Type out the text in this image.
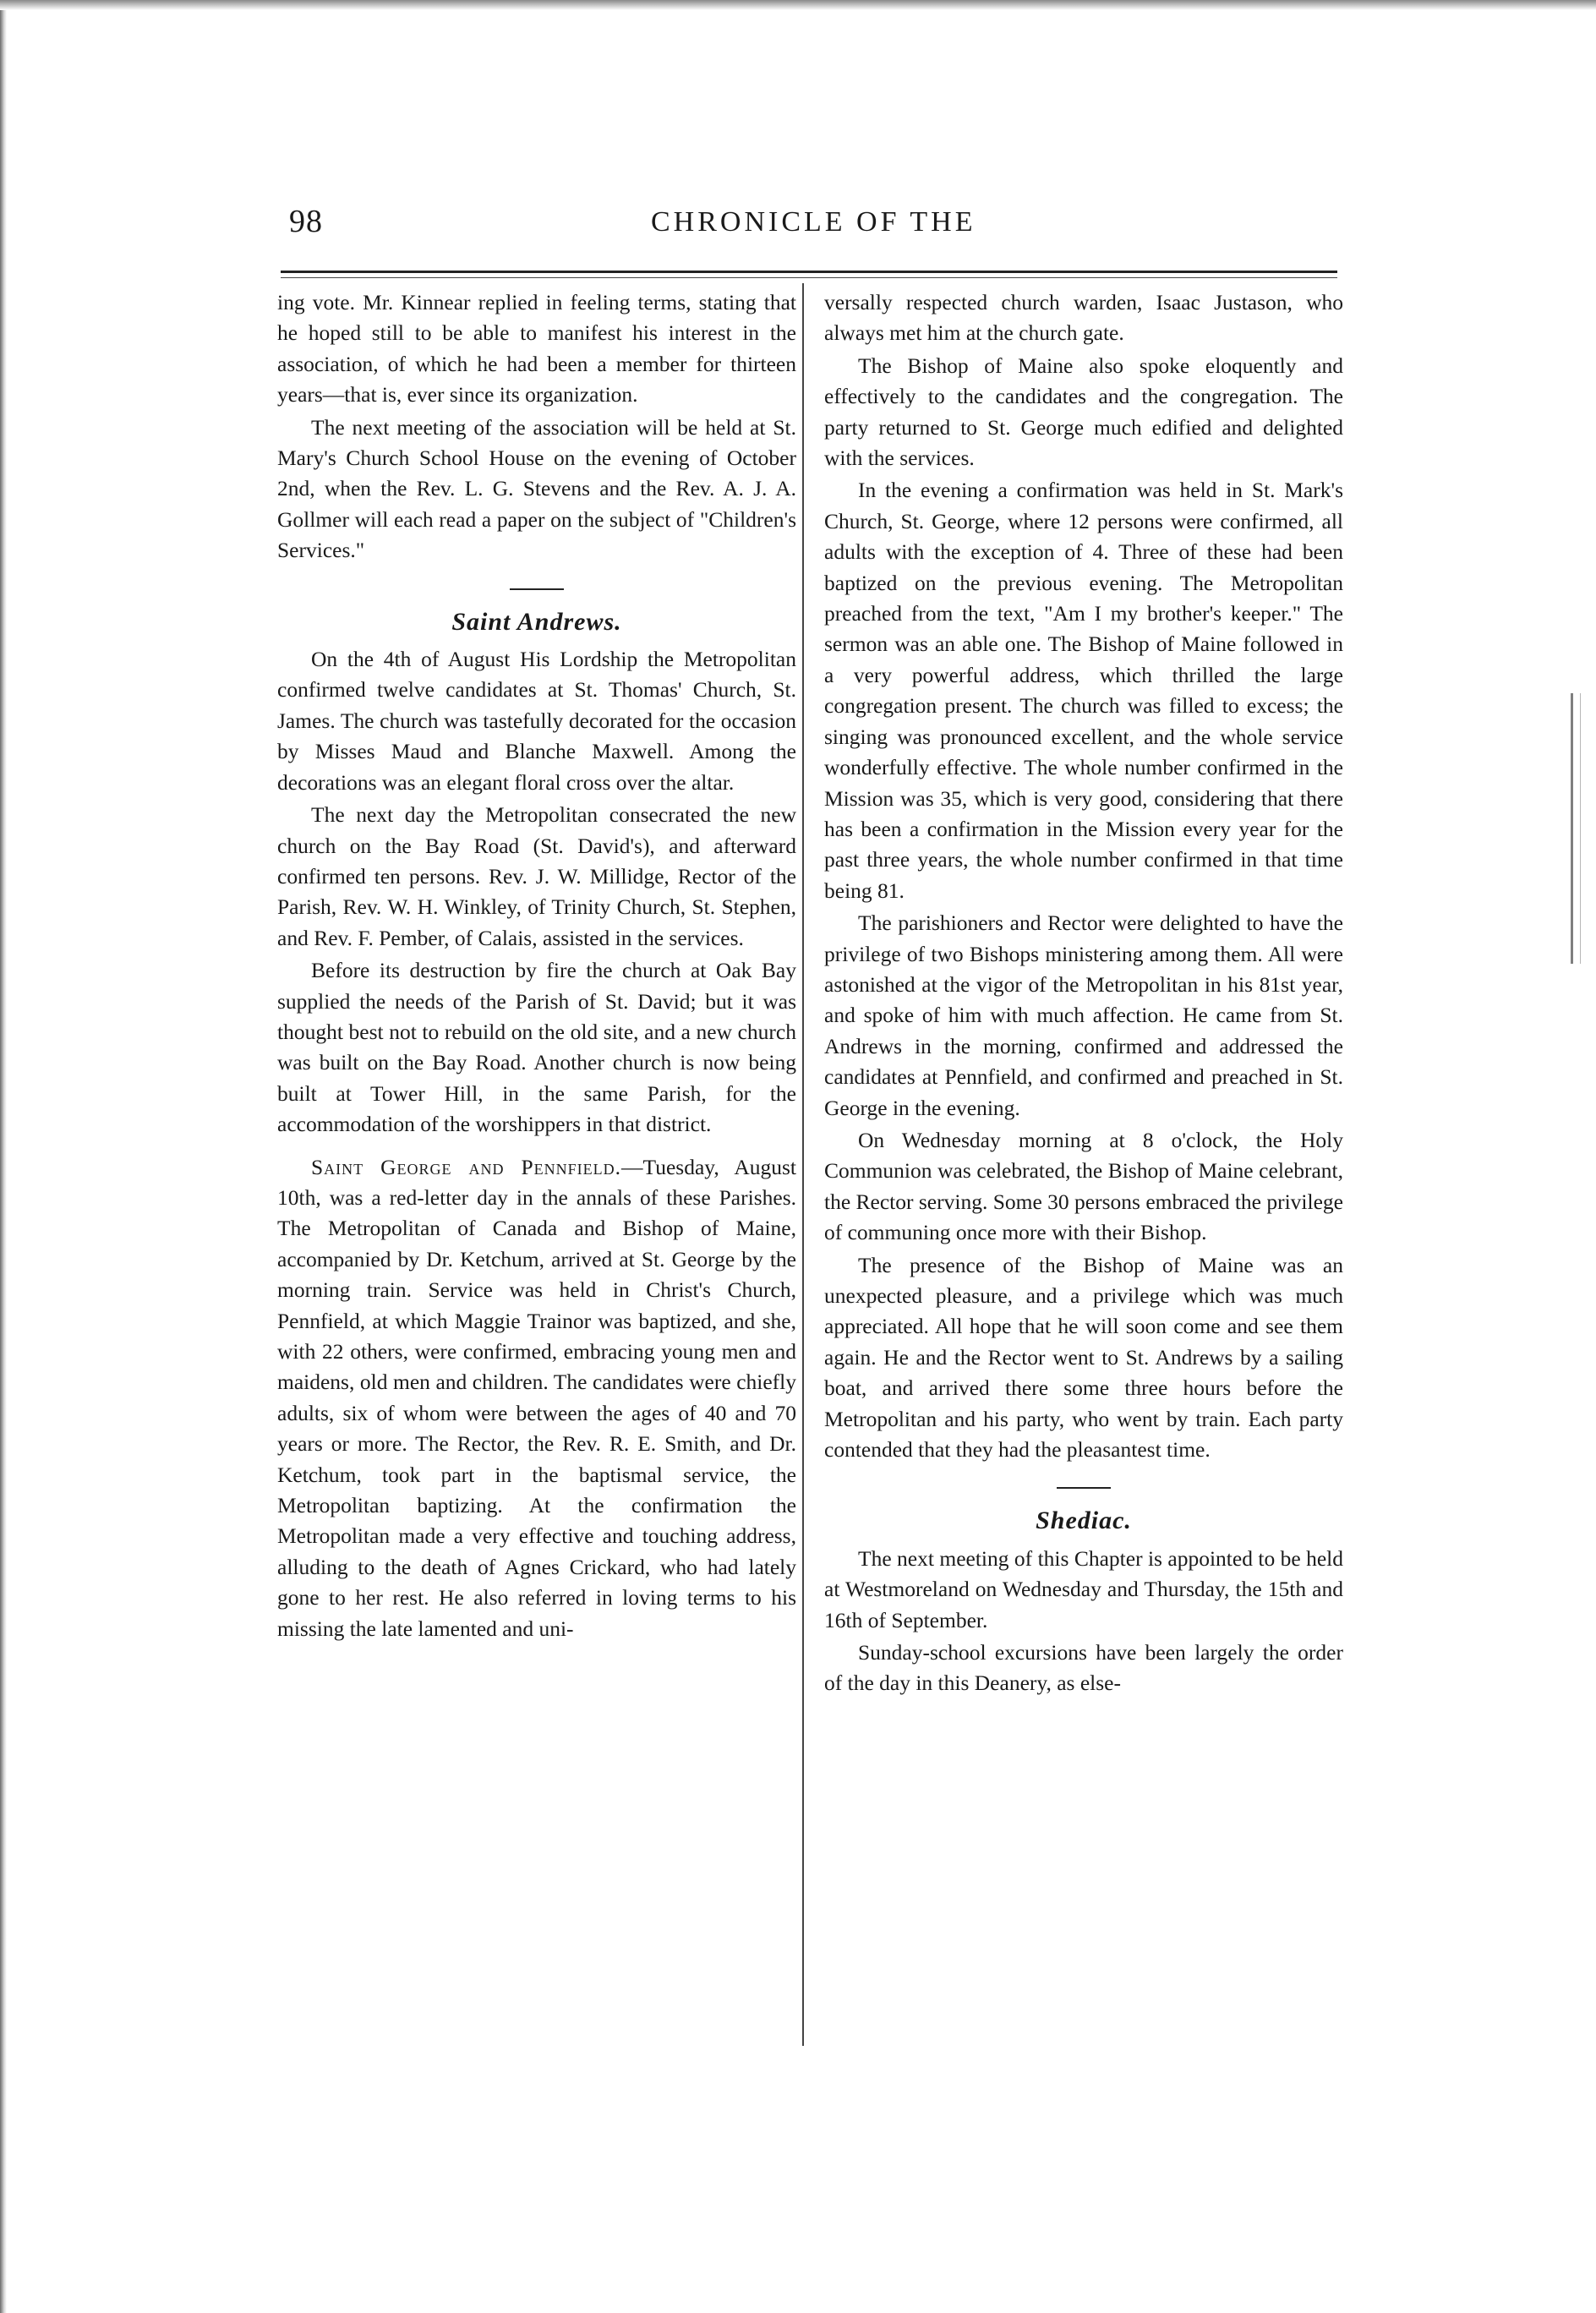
98	CHRONICLE OF THE

ing vote. Mr. Kinnear replied in feeling terms, stating that he hoped still to be able to manifest his interest in the association, of which he had been a member for thirteen years—that is, ever since its organization.

The next meeting of the association will be held at St. Mary's Church School House on the evening of October 2nd, when the Rev. L. G. Stevens and the Rev. A. J. A. Gollmer will each read a paper on the subject of "Children's Services."

Saint Andrews.

On the 4th of August His Lordship the Metropolitan confirmed twelve candidates at St. Thomas' Church, St. James. The church was tastefully decorated for the occasion by Misses Maud and Blanche Maxwell. Among the decorations was an elegant floral cross over the altar.

The next day the Metropolitan consecrated the new church on the Bay Road (St. David's), and afterward confirmed ten persons. Rev. J. W. Millidge, Rector of the Parish, Rev. W. H. Winkley, of Trinity Church, St. Stephen, and Rev. F. Pember, of Calais, assisted in the services.

Before its destruction by fire the church at Oak Bay supplied the needs of the Parish of St. David; but it was thought best not to rebuild on the old site, and a new church was built on the Bay Road. Another church is now being built at Tower Hill, in the same Parish, for the accommodation of the worshippers in that district.

Saint George and Pennfield.—Tuesday, August 10th, was a red-letter day in the annals of these Parishes. The Metropolitan of Canada and Bishop of Maine, accompanied by Dr. Ketchum, arrived at St. George by the morning train. Service was held in Christ's Church, Pennfield, at which Maggie Trainor was baptized, and she, with 22 others, were confirmed, embracing young men and maidens, old men and children. The candidates were chiefly adults, six of whom were between the ages of 40 and 70 years or more. The Rector, the Rev. R. E. Smith, and Dr. Ketchum, took part in the baptismal service, the Metropolitan baptizing. At the confirmation the Metropolitan made a very effective and touching address, alluding to the death of Agnes Crickard, who had lately gone to her rest. He also referred in loving terms to his missing the late lamented and uni-

versally respected church warden, Isaac Justason, who always met him at the church gate.

The Bishop of Maine also spoke eloquently and effectively to the candidates and the congregation. The party returned to St. George much edified and delighted with the services.

In the evening a confirmation was held in St. Mark's Church, St. George, where 12 persons were confirmed, all adults with the exception of 4. Three of these had been baptized on the previous evening. The Metropolitan preached from the text, "Am I my brother's keeper." The sermon was an able one. The Bishop of Maine followed in a very powerful address, which thrilled the large congregation present. The church was filled to excess; the singing was pronounced excellent, and the whole service wonderfully effective. The whole number confirmed in the Mission was 35, which is very good, considering that there has been a confirmation in the Mission every year for the past three years, the whole number confirmed in that time being 81.

The parishioners and Rector were delighted to have the privilege of two Bishops ministering among them. All were astonished at the vigor of the Metropolitan in his 81st year, and spoke of him with much affection. He came from St. Andrews in the morning, confirmed and addressed the candidates at Pennfield, and confirmed and preached in St. George in the evening.

On Wednesday morning at 8 o'clock, the Holy Communion was celebrated, the Bishop of Maine celebrant, the Rector serving. Some 30 persons embraced the privilege of communing once more with their Bishop.

The presence of the Bishop of Maine was an unexpected pleasure, and a privilege which was much appreciated. All hope that he will soon come and see them again. He and the Rector went to St. Andrews by a sailing boat, and arrived there some three hours before the Metropolitan and his party, who went by train. Each party contended that they had the pleasantest time.

Shediac.

The next meeting of this Chapter is appointed to be held at Westmoreland on Wednesday and Thursday, the 15th and 16th of September.

Sunday-school excursions have been largely the order of the day in this Deanery, as else-
